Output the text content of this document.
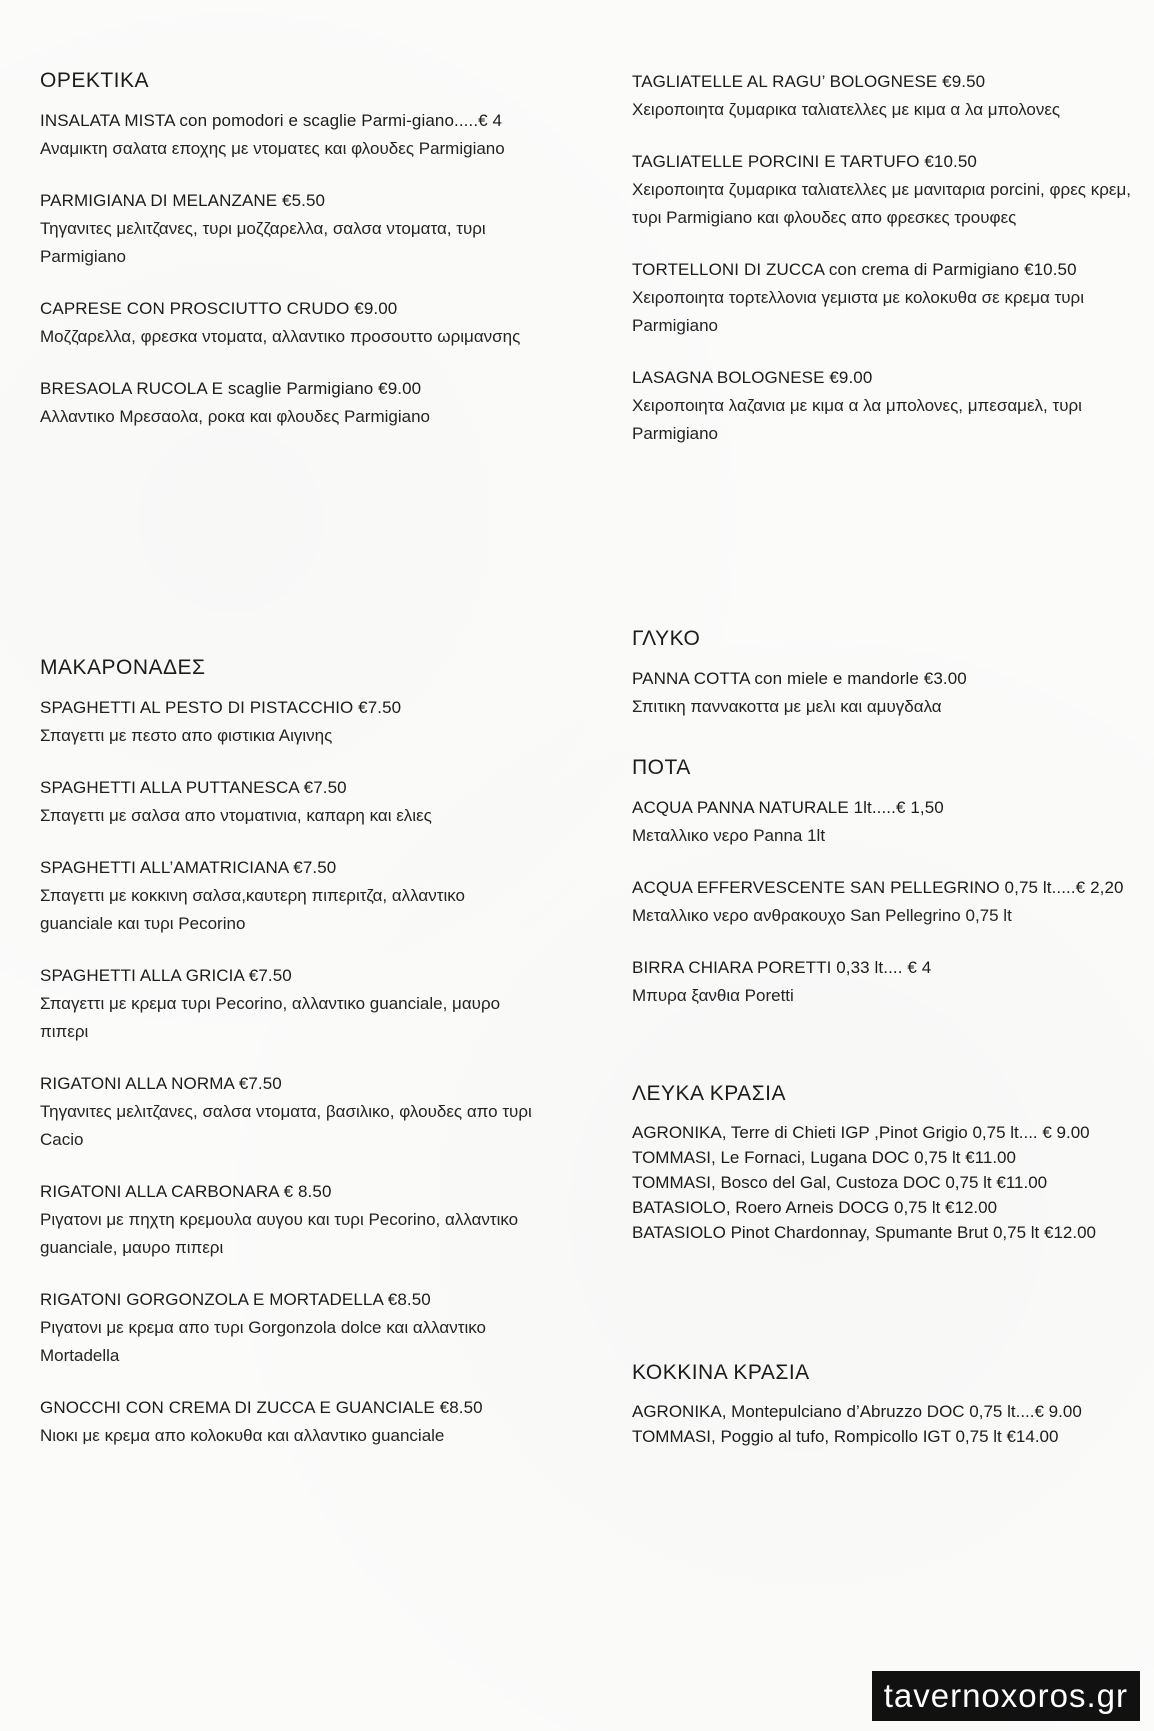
ΟΡΕΚΤΙΚΑ
INSALATA MISTA con pomodori e scaglie Parmi-giano.....€ 4
Αναμικτη σαλατα εποχης με ντοματες και φλουδες Parmigiano
PARMIGIANA DI MELANZANE €5.50
Τηγανιτες μελιτζανες, τυρι μοζζαρελλα, σαλσα ντοματα, τυρι Parmigiano
CAPRESE CON PROSCIUTTO CRUDO €9.00
Μοζζαρελλα, φρεσκα ντοματα, αλλαντικο προσουττο ωριμανσης
BRESAOLA RUCOLA E scaglie Parmigiano €9.00
Αλλαντικο Μρεσαολα, ροκα και φλουδες Parmigiano
ΜΑΚΑΡΟΝΑΔΕΣ
SPAGHETTI AL PESTO DI PISTACCHIO €7.50
Σπαγεττι με πεστο απο φιστικια Αιγινης
SPAGHETTI ALLA PUTTANESCA €7.50
Σπαγεττι με σαλσα απο ντοματινια, καπαρη και ελιες
SPAGHETTI ALL’AMATRICIANA €7.50
Σπαγεττι με κοκκινη σαλσα,καυτερη πιπεριτζα, αλλαντικο guanciale και τυρι Pecorino
SPAGHETTI ALLA GRICIA €7.50
Σπαγεττι με κρεμα τυρι Pecorino, αλλαντικο guanciale, μαυρο πιπερι
RIGATONI ALLA NORMA €7.50
Τηγανιτες μελιτζανες, σαλσα ντοματα, βασιλικο, φλουδες απο τυρι Cacio
RIGATONI ALLA CARBONARA € 8.50
Ριγατονι με πηχτη κρεμουλα αυγου και τυρι Pecorino, αλλαντικο guanciale, μαυρο πιπερι
RIGATONI GORGONZOLA E MORTADELLA €8.50
Ριγατονι με κρεμα απο τυρι Gorgonzola dolce και αλλαντικο Mortadella
GNOCCHI CON CREMA DI ZUCCA E GUANCIALE €8.50
Νιοκι με κρεμα απο κολοκυθα και αλλαντικο guanciale
TAGLIATELLE AL RAGU’ BOLOGNESE €9.50
Χειροποιητα ζυμαρικα ταλιατελλες με κιμα α λα μπολονες
TAGLIATELLE PORCINI E TARTUFO €10.50
Χειροποιητα ζυμαρικα ταλιατελλες με μανιταρια porcini, φρες κρεμ, τυρι Parmigiano και φλουδες απο φρεσκες τρουφες
TORTELLONI DI ZUCCA con crema di Parmigiano €10.50
Χειροποιητα τορτελλονια γεμιστα με κολοκυθα σε κρεμα τυρι Parmigiano
LASAGNA BOLOGNESE €9.00
Χειροποιητα λαζανια με κιμα α λα μπολονες, μπεσαμελ, τυρι Parmigiano
ΓΛΥΚΟ
PANNA COTTA con miele e mandorle €3.00
Σπιτικη παννακοττα με μελι και αμυγδαλα
ΠΟΤΑ
ACQUA PANNA NATURALE 1lt.....€ 1,50
Μεταλλικο νερο Panna 1lt
ACQUA EFFERVESCENTE SAN PELLEGRINO 0,75 lt.....€ 2,20
Μεταλλικο νερο ανθρακουχο San Pellegrino 0,75 lt
BIRRA CHIARA PORETTI 0,33 lt.... € 4
Μπυρα ξανθια Poretti
ΛΕΥΚΑ ΚΡΑΣΙΑ
AGRONIKA, Terre di Chieti IGP ,Pinot Grigio 0,75 lt.... € 9.00
TOMMASI, Le Fornaci, Lugana DOC 0,75 lt €11.00
TOMMASI, Bosco del Gal, Custoza DOC 0,75 lt €11.00
BATASIOLO, Roero Arneis DOCG 0,75 lt €12.00
BATASIOLO Pinot Chardonnay, Spumante Brut 0,75 lt €12.00
ΚΟΚΚΙΝΑ ΚΡΑΣΙΑ
AGRONIKA, Montepulciano d’Abruzzo DOC 0,75 lt....€ 9.00
TOMMASI, Poggio al tufo, Rompicollo IGT 0,75 lt €14.00
tavernoxoros.gr
